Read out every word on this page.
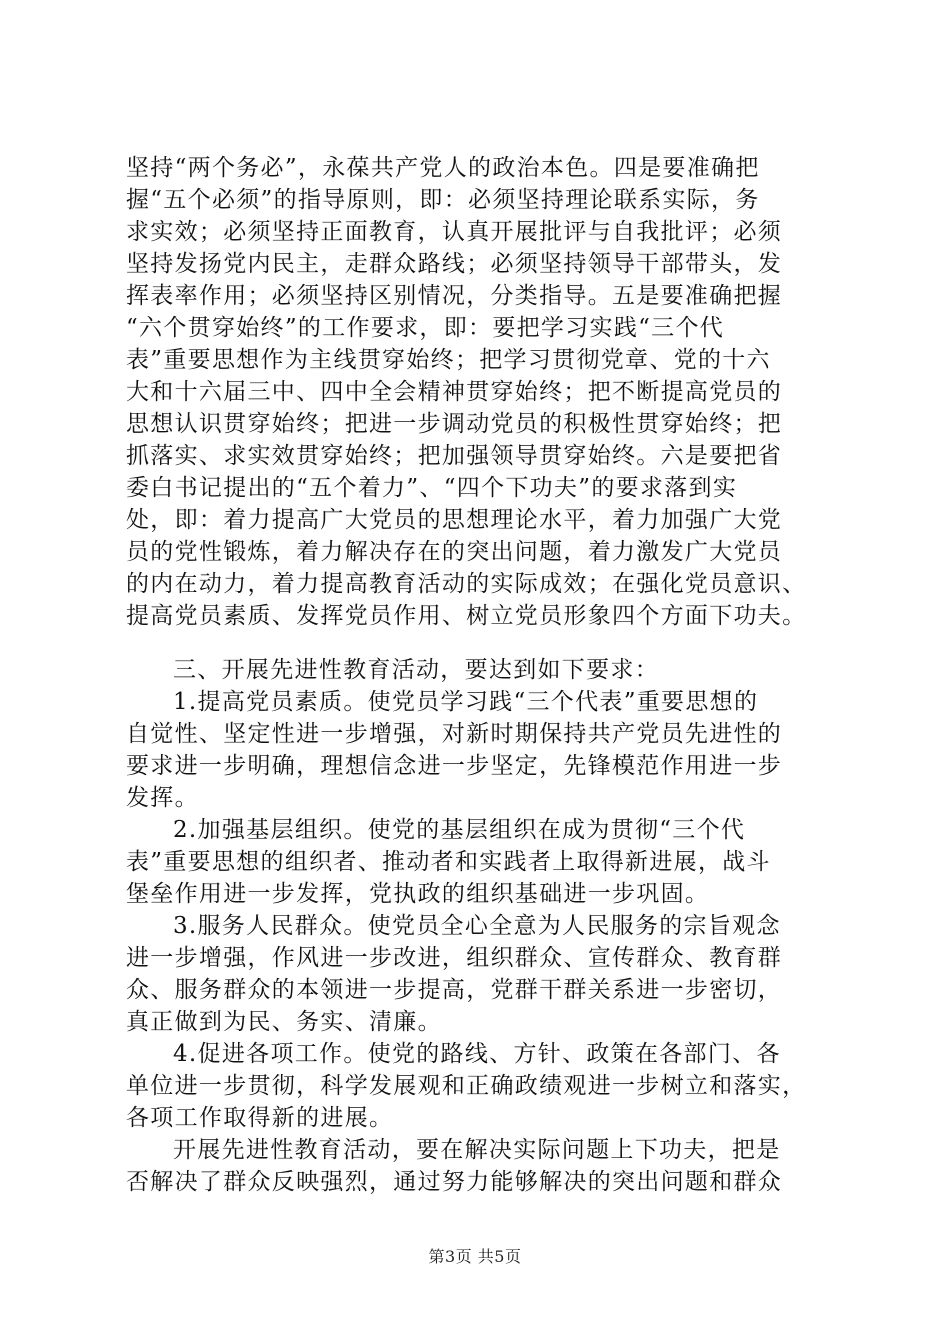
坚持“两个务必”，永葆共产党人的政治本色。四是要准确把
握“五个必须”的指导原则，即：必须坚持理论联系实际，务
求实效；必须坚持正面教育，认真开展批评与自我批评；必须
坚持发扬党内民主，走群众路线；必须坚持领导干部带头，发
挥表率作用；必须坚持区别情况，分类指导。五是要准确把握
“六个贯穿始终”的工作要求，即：要把学习实践“三个代
表”重要思想作为主线贯穿始终；把学习贯彻党章、党的十六
大和十六届三中、四中全会精神贯穿始终；把不断提高党员的
思想认识贯穿始终；把进一步调动党员的积极性贯穿始终；把
抓落实、求实效贯穿始终；把加强领导贯穿始终。六是要把省
委白书记提出的“五个着力”、“四个下功夫”的要求落到实
处，即：着力提高广大党员的思想理论水平，着力加强广大党
员的党性锻炼，着力解决存在的突出问题，着力激发广大党员
的内在动力，着力提高教育活动的实际成效；在强化党员意识、
提高党员素质、发挥党员作用、树立党员形象四个方面下功夫。
三、开展先进性教育活动，要达到如下要求：
1.提高党员素质。使党员学习践“三个代表”重要思想的
自觉性、坚定性进一步增强，对新时期保持共产党员先进性的
要求进一步明确，理想信念进一步坚定，先锋模范作用进一步
发挥。
2.加强基层组织。使党的基层组织在成为贯彻“三个代
表”重要思想的组织者、推动者和实践者上取得新进展，战斗
堡垒作用进一步发挥，党执政的组织基础进一步巩固。
3.服务人民群众。使党员全心全意为人民服务的宗旨观念
进一步增强，作风进一步改进，组织群众、宣传群众、教育群
众、服务群众的本领进一步提高，党群干群关系进一步密切，
真正做到为民、务实、清廉。
4.促进各项工作。使党的路线、方针、政策在各部门、各
单位进一步贯彻，科学发展观和正确政绩观进一步树立和落实，
各项工作取得新的进展。
开展先进性教育活动，要在解决实际问题上下功夫，把是
否解决了群众反映强烈，通过努力能够解决的突出问题和群众
第3页 共5页
